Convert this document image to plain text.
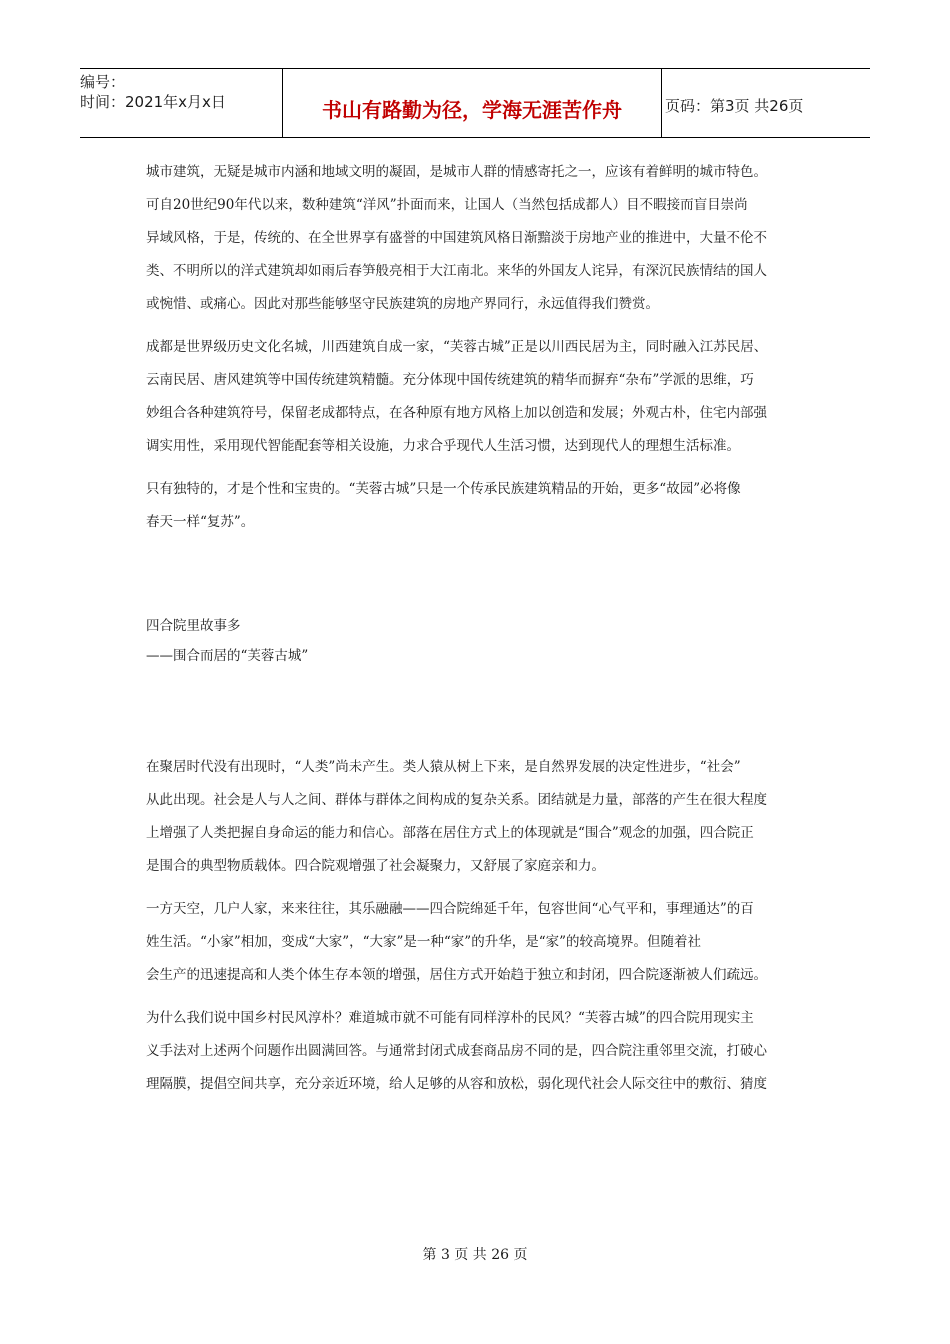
编号：
时间：2021年x月x日	书山有路勤为径，学海无涯苦作舟	页码：第3页 共26页

城市建筑，无疑是城市内涵和地域文明的凝固，是城市人群的情感寄托之一，应该有着鲜明的城市特色。

可自20世纪90年代以来，数种建筑“洋风”扑面而来，让国人（当然包括成都人）目不暇接而盲目崇尚

异域风格，于是，传统的、在全世界享有盛誉的中国建筑风格日渐黯淡于房地产业的推进中，大量不伦不

类、不明所以的洋式建筑却如雨后春笋般亮相于大江南北。来华的外国友人诧异，有深沉民族情结的国人

或惋惜、或痛心。因此对那些能够坚守民族建筑的房地产界同行，永远值得我们赞赏。

成都是世界级历史文化名城，川西建筑自成一家，“芙蓉古城”正是以川西民居为主，同时融入江苏民居、

云南民居、唐风建筑等中国传统建筑精髓。充分体现中国传统建筑的精华而摒弃“杂布”学派的思维，巧

妙组合各种建筑符号，保留老成都特点，在各种原有地方风格上加以创造和发展；外观古朴，住宅内部强

调实用性，采用现代智能配套等相关设施，力求合乎现代人生活习惯，达到现代人的理想生活标准。

只有独特的，才是个性和宝贵的。“芙蓉古城”只是一个传承民族建筑精品的开始，更多“故园”必将像

春天一样“复苏”。

四合院里故事多

——围合而居的“芙蓉古城”

在聚居时代没有出现时，“人类”尚未产生。类人猿从树上下来，是自然界发展的决定性进步，“社会”

从此出现。社会是人与人之间、群体与群体之间构成的复杂关系。团结就是力量，部落的产生在很大程度

上增强了人类把握自身命运的能力和信心。部落在居住方式上的体现就是“围合”观念的加强，四合院正

是围合的典型物质载体。四合院观增强了社会凝聚力，又舒展了家庭亲和力。

一方天空，几户人家，来来往往，其乐融融——四合院绵延千年，包容世间“心气平和，事理通达”的百

姓生活。“小家”相加，变成“大家”，“大家”是一种“家”的升华，是“家”的较高境界。但随着社

会生产的迅速提高和人类个体生存本领的增强，居住方式开始趋于独立和封闭，四合院逐渐被人们疏远。

为什么我们说中国乡村民风淳朴？难道城市就不可能有同样淳朴的民风？“芙蓉古城”的四合院用现实主

义手法对上述两个问题作出圆满回答。与通常封闭式成套商品房不同的是，四合院注重邻里交流，打破心

理隔膜，提倡空间共享，充分亲近环境，给人足够的从容和放松，弱化现代社会人际交往中的敷衍、猜度

第 3 页 共 26 页
